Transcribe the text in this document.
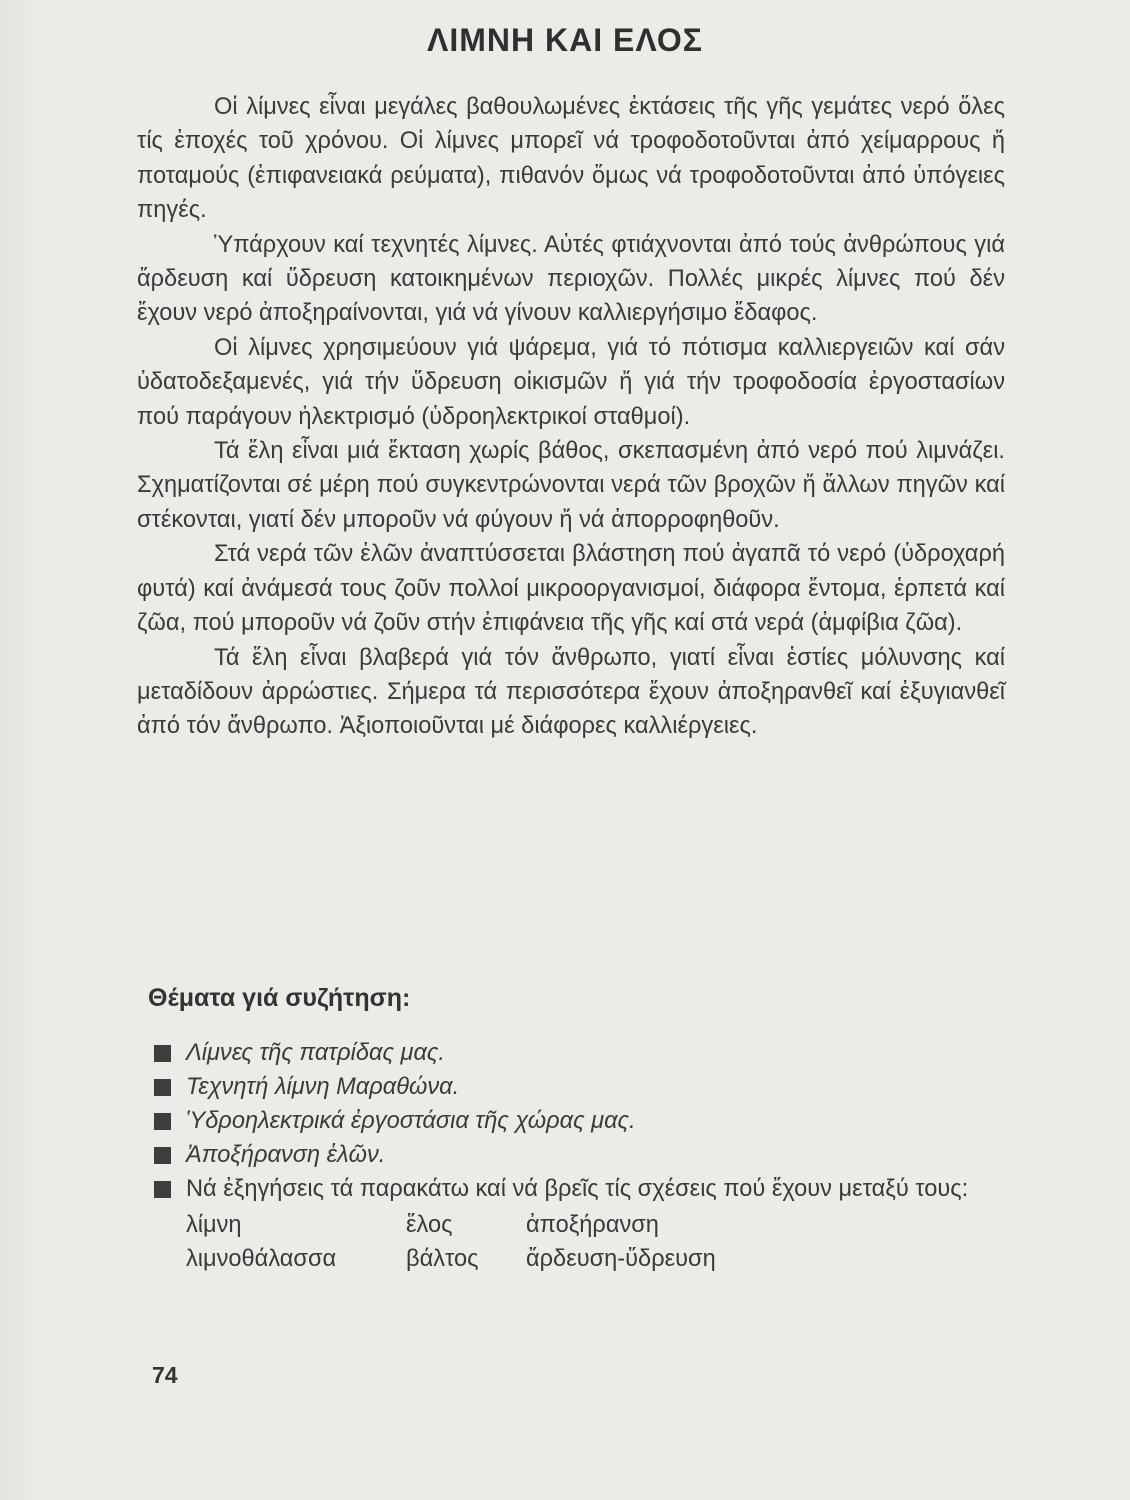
ΛΙΜΝΗ ΚΑΙ ΕΛΟΣ

Οἱ λίμνες εἶναι μεγάλες βαθουλωμένες ἐκτάσεις τῆς γῆς γεμάτες νερό ὅλες τίς ἐποχές τοῦ χρόνου. Οἱ λίμνες μπορεῖ νά τροφοδοτοῦνται ἀπό χείμαρρους ἤ ποταμούς (ἐπιφανειακά ρεύματα), πιθανόν ὅμως νά τροφοδοτοῦνται ἀπό ὑπόγειες πηγές.

Ὑπάρχουν καί τεχνητές λίμνες. Αὐτές φτιάχνονται ἀπό τούς ἀνθρώπους γιά ἄρδευση καί ὕδρευση κατοικημένων περιοχῶν. Πολλές μικρές λίμνες πού δέν ἔχουν νερό ἀποξηραίνονται, γιά νά γίνουν καλλιεργήσιμο ἔδαφος.

Οἱ λίμνες χρησιμεύουν γιά ψάρεμα, γιά τό πότισμα καλλιεργειῶν καί σάν ὑδατοδεξαμενές, γιά τήν ὕδρευση οἰκισμῶν ἤ γιά τήν τροφοδοσία ἐργοστασίων πού παράγουν ἠλεκτρισμό (ὑδροηλεκτρικοί σταθμοί).

Τά ἕλη εἶναι μιά ἔκταση χωρίς βάθος, σκεπασμένη ἀπό νερό πού λιμνάζει. Σχηματίζονται σέ μέρη πού συγκεντρώνονται νερά τῶν βροχῶν ἤ ἄλλων πηγῶν καί στέκονται, γιατί δέν μποροῦν νά φύγουν ἤ νά ἀπορροφηθοῦν.

Στά νερά τῶν ἑλῶν ἀναπτύσσεται βλάστηση πού ἀγαπᾶ τό νερό (ὑδροχαρή φυτά) καί ἀνάμεσά τους ζοῦν πολλοί μικροοργανισμοί, διάφορα ἔντομα, ἑρπετά καί ζῶα, πού μποροῦν νά ζοῦν στήν ἐπιφάνεια τῆς γῆς καί στά νερά (ἀμφίβια ζῶα).

Τά ἕλη εἶναι βλαβερά γιά τόν ἄνθρωπο, γιατί εἶναι ἑστίες μόλυνσης καί μεταδίδουν ἀρρώστιες. Σήμερα τά περισσότερα ἔχουν ἀποξηρανθεῖ καί ἐξυγιανθεῖ ἀπό τόν ἄνθρωπο. Ἀξιοποιοῦνται μέ διάφορες καλλιέργειες.

Θέματα γιά συζήτηση:
Λίμνες τῆς πατρίδας μας.
Τεχνητή λίμνη Μαραθώνα.
Ὑδροηλεκτρικά ἐργοστάσια τῆς χώρας μας.
Ἀποξήρανση ἑλῶν.
Νά ἐξηγήσεις τά παρακάτω καί νά βρεῖς τίς σχέσεις πού ἔχουν μεταξύ τους:
λίμνη	ἕλος	ἀποξήρανση
λιμνοθάλασσα	βάλτος	ἄρδευση-ὕδρευση
74
